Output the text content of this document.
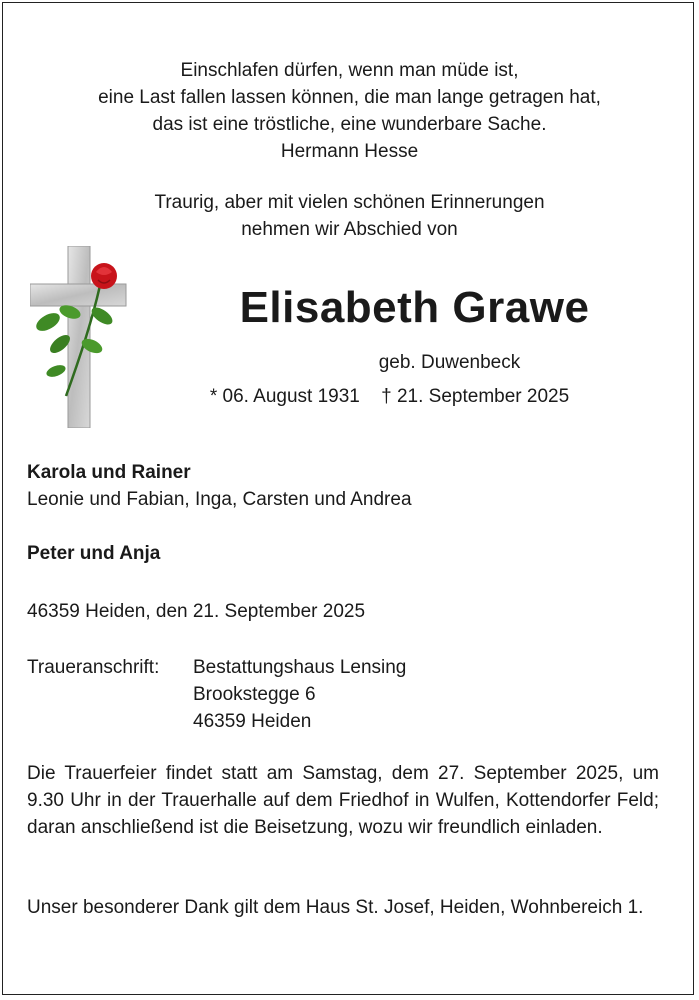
Einschlafen dürfen, wenn man müde ist,
eine Last fallen lassen können, die man lange getragen hat,
das ist eine tröstliche, eine wunderbare Sache.
Hermann Hesse
Traurig, aber mit vielen schönen Erinnerungen
nehmen wir Abschied von
Elisabeth Grawe
geb. Duwenbeck
* 06. August 1931 † 21. September 2025
Karola und Rainer
Leonie und Fabian, Inga, Carsten und Andrea
Peter und Anja
46359 Heiden, den 21. September 2025
Traueranschrift:	Bestattungshaus Lensing
Brookstegge 6
46359 Heiden
Die Trauerfeier findet statt am Samstag, dem 27. September 2025, um 9.30 Uhr in der Trauerhalle auf dem Friedhof in Wulfen, Kottendorfer Feld; daran anschließend ist die Beisetzung, wozu wir freundlich einladen.
Unser besonderer Dank gilt dem Haus St. Josef, Heiden, Wohnbereich 1.
